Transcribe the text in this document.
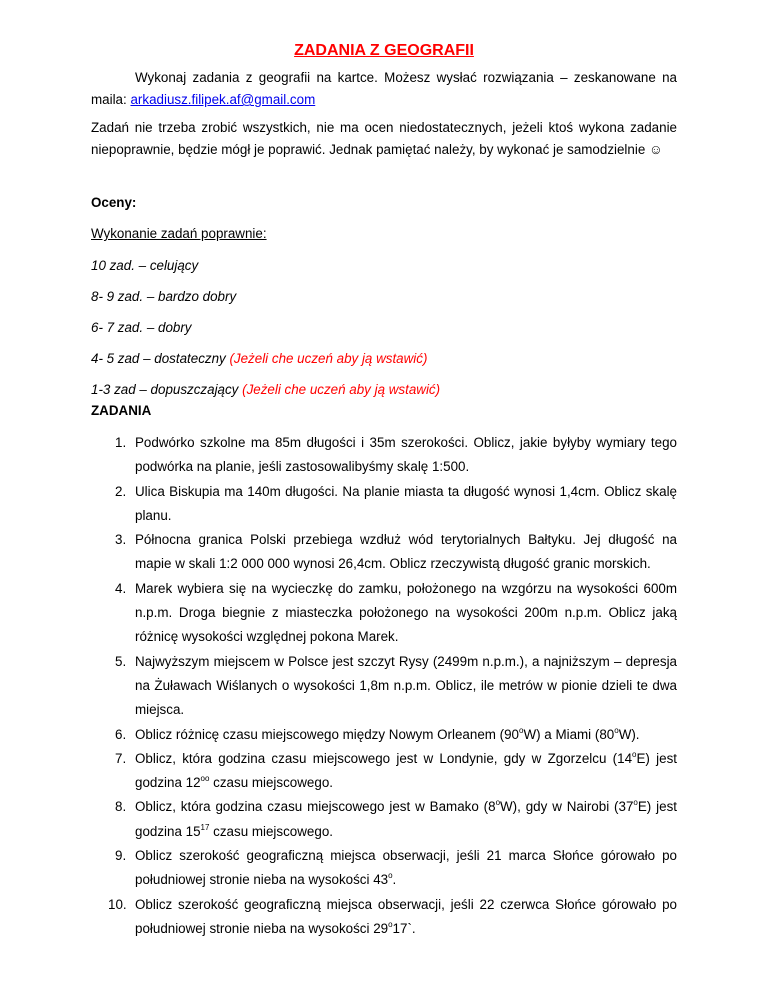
ZADANIA Z GEOGRAFII
Wykonaj zadania z geografii na kartce. Możesz wysłać rozwiązania – zeskanowane na maila: arkadiusz.filipek.af@gmail.com
Zadań nie trzeba zrobić wszystkich, nie ma ocen niedostatecznych, jeżeli ktoś wykona zadanie niepoprawnie, będzie mógł je poprawić. Jednak pamiętać należy, by wykonać je samodzielnie ☺
Oceny:
Wykonanie zadań poprawnie:
10 zad. – celujący
8- 9 zad. – bardzo dobry
6- 7 zad. – dobry
4- 5 zad – dostateczny (Jeżeli che uczeń aby ją wstawić)
1-3 zad – dopuszczający (Jeżeli che uczeń aby ją wstawić)
ZADANIA
1. Podwórko szkolne ma 85m długości i 35m szerokości. Oblicz, jakie byłyby wymiary tego podwórka na planie, jeśli zastosowalibyśmy skalę 1:500.
2. Ulica Biskupia ma 140m długości. Na planie miasta ta długość wynosi 1,4cm. Oblicz skalę planu.
3. Północna granica Polski przebiega wzdłuż wód terytorialnych Bałtyku. Jej długość na mapie w skali 1:2 000 000 wynosi 26,4cm. Oblicz rzeczywistą długość granic morskich.
4. Marek wybiera się na wycieczkę do zamku, położonego na wzgórzu na wysokości 600m n.p.m. Droga biegnie z miasteczka położonego na wysokości 200m n.p.m. Oblicz jaką różnicę wysokości względnej pokona Marek.
5. Najwyższym miejscem w Polsce jest szczyt Rysy (2499m n.p.m.), a najniższym – depresja na Żuławach Wiślanych o wysokości 1,8m n.p.m. Oblicz, ile metrów w pionie dzieli te dwa miejsca.
6. Oblicz różnicę czasu miejscowego między Nowym Orleanem (90$^o$W) a Miami (80$^o$W).
7. Oblicz, która godzina czasu miejscowego jest w Londynie, gdy w Zgorzelcu (14$^o$E) jest godzina $12^{oo}$ czasu miejscowego.
8. Oblicz, która godzina czasu miejscowego jest w Bamako (8$^o$W), gdy w Nairobi (37$^o$E) jest godzina $15^{17}$ czasu miejscowego.
9. Oblicz szerokość geograficzną miejsca obserwacji, jeśli 21 marca Słońce górowało po południowej stronie nieba na wysokości 43$^o$.
10. Oblicz szerokość geograficzną miejsca obserwacji, jeśli 22 czerwca Słońce górowało po południowej stronie nieba na wysokości 29$^o$17`.
